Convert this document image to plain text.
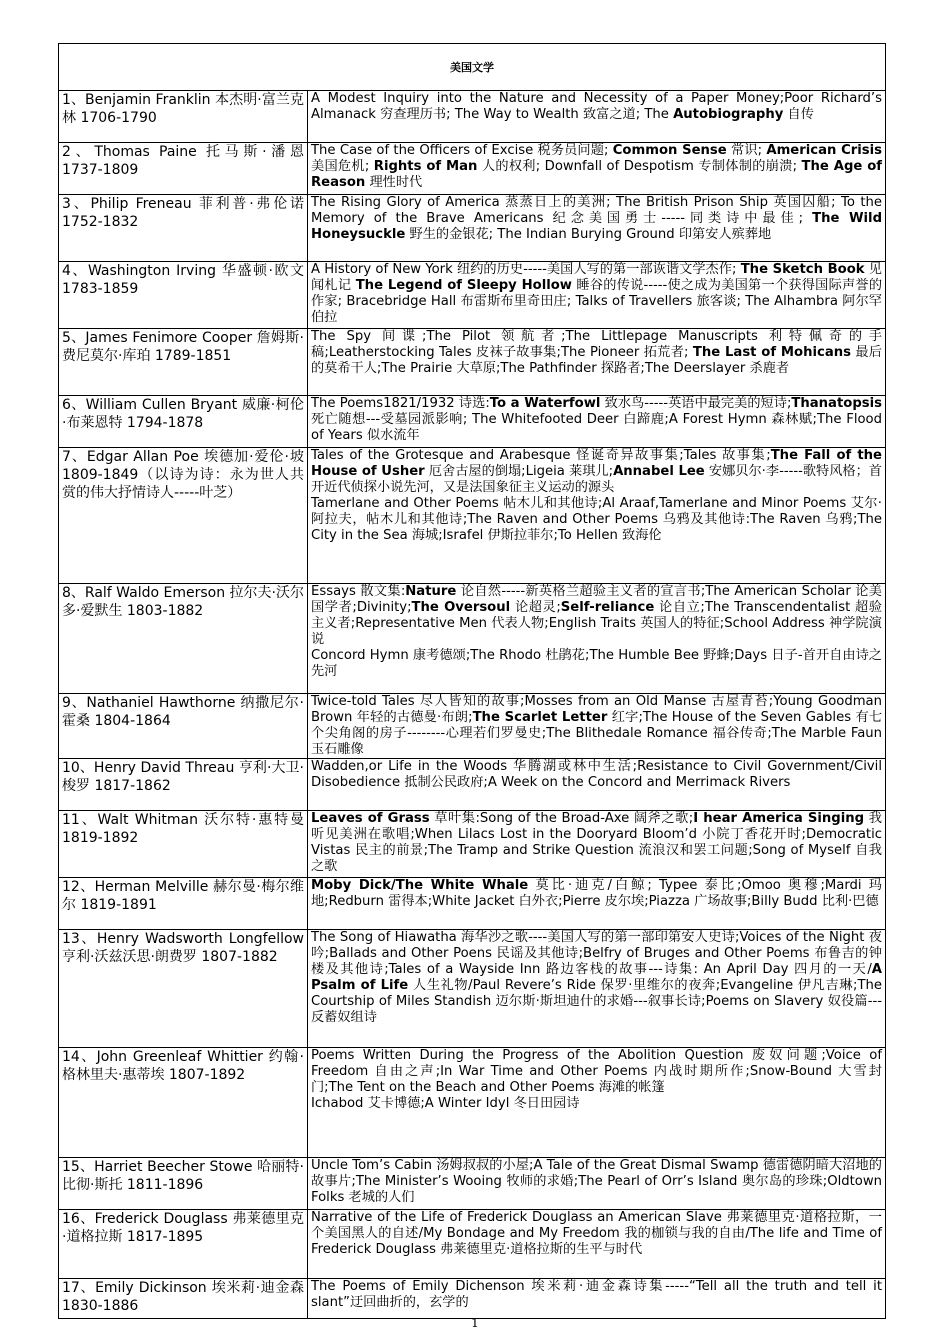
美国文学	
1、Benjamin Franklin 本杰明·富兰克林 1706-1790	A Modest Inquiry into the Nature and Necessity of a Paper Money;Poor Richard’s Almanack 穷查理历书; The Way to Wealth 致富之道; The Autobiography 自传

2、Thomas Paine 托马斯·潘恩 1737-1809	The Case of the Officers of Excise 税务员问题; Common Sense 常识; American Crisis 美国危机; Rights of Man 人的权利; Downfall of Despotism 专制体制的崩溃; The Age of Reason 理性时代

3、Philip Freneau 菲利普·弗伦诺 1752-1832	The Rising Glory of America 蒸蒸日上的美洲; The British Prison Ship 英国囚船; To the Memory of the Brave Americans 纪念美国勇士-----同类诗中最佳; The Wild Honeysuckle 野生的金银花; The Indian Burying Ground 印第安人殡葬地

4、Washington Irving 华盛顿·欧文 1783-1859	A History of New York 纽约的历史-----美国人写的第一部诙谐文学杰作; The Sketch Book 见闻札记 The Legend of Sleepy Hollow 睡谷的传说-----使之成为美国第一个获得国际声誉的作家; Bracebridge Hall 布雷斯布里奇田庄; Talks of Travellers 旅客谈; The Alhambra 阿尔罕伯拉

5、James Fenimore Cooper 詹姆斯·费尼莫尔·库珀 1789-1851	The Spy 间谍;The Pilot 领航者;The Littlepage Manuscripts 利特佩奇的手稿;Leatherstocking Tales 皮袜子故事集;The Pioneer 拓荒者; The Last of Mohicans 最后的莫希干人;The Prairie 大草原;The Pathfinder 探路者;The Deerslayer 杀鹿者

6、William Cullen Bryant 威廉·柯伦·布莱恩特 1794-1878	The Poems1821/1932 诗选:To a Waterfowl 致水鸟-----英语中最完美的短诗;Thanatopsis 死亡随想---受墓园派影响; The Whitefooted Deer 白蹄鹿;A Forest Hymn 森林赋;The Flood of Years 似水流年

7、Edgar Allan Poe 埃德加·爱伦·坡 1809-1849（以诗为诗：永为世人共赏的伟大抒情诗人-----叶芝）	Tales of the Grotesque and Arabesque 怪诞奇异故事集;Tales 故事集;The Fall of the House of Usher 厄舍古屋的倒塌;Ligeia 莱琪儿;Annabel Lee 安娜贝尔·李-----歌特风格；首开近代侦探小说先河，又是法国象征主义运动的源头
Tamerlane and Other Poems 帖木儿和其他诗;Al Araaf,Tamerlane and Minor Poems 艾尔·阿拉夫，帖木儿和其他诗;The Raven and Other Poems 乌鸦及其他诗:The Raven 乌鸦;The City in the Sea 海城;Israfel 伊斯拉菲尔;To Hellen 致海伦

8、Ralf Waldo Emerson 拉尔夫·沃尔多·爱默生 1803-1882	Essays 散文集:Nature 论自然-----新英格兰超验主义者的宣言书;The American Scholar 论美国学者;Divinity;The Oversoul 论超灵;Self-reliance 论自立;The Transcendentalist 超验主义者;Representative Men 代表人物;English Traits 英国人的特征;School Address 神学院演说
Concord Hymn 康考德颂;The Rhodo 杜鹃花;The Humble Bee 野蜂;Days 日子-首开自由诗之先河

9、Nathaniel Hawthorne 纳撒尼尔·霍桑 1804-1864	Twice-told Tales 尽人皆知的故事;Mosses from an Old Manse 古屋青苔;Young Goodman Brown 年轻的古德曼·布朗;The Scarlet Letter 红字;The House of the Seven Gables 有七个尖角阁的房子--------心理若们罗曼史;The Blithedale Romance 福谷传奇;The Marble Faun 玉石雕像

10、Henry David Threau 亨利·大卫·梭罗 1817-1862	Wadden,or Life in the Woods 华腾湖或林中生活;Resistance to Civil Government/Civil Disobedience 抵制公民政府;A Week on the Concord and Merrimack Rivers

11、Walt Whitman 沃尔特·惠特曼 1819-1892	Leaves of Grass 草叶集:Song of the Broad-Axe 阔斧之歌;I hear America Singing 我听见美洲在歌唱;When Lilacs Lost in the Dooryard Bloom’d 小院丁香花开时;Democratic Vistas 民主的前景;The Tramp and Strike Question 流浪汉和罢工问题;Song of Myself 自我之歌

12、Herman Melville 赫尔曼·梅尔维尔 1819-1891	Moby Dick/The White Whale 莫比·迪克/白鲸; Typee 泰比;Omoo 奥穆;Mardi 玛地;Redburn 雷得本;White Jacket 白外衣;Pierre 皮尔埃;Piazza 广场故事;Billy Budd 比利·巴德

13、Henry Wadsworth Longfellow 亨利·沃兹沃思·朗费罗 1807-1882	The Song of Hiawatha 海华沙之歌----美国人写的第一部印第安人史诗;Voices of the Night 夜吟;Ballads and Other Poens 民谣及其他诗;Belfry of Bruges and Other Poems 布鲁吉的钟楼及其他诗;Tales of a Wayside Inn 路边客栈的故事---诗集: An April Day 四月的一天/A Psalm of Life 人生礼物/Paul Revere’s Ride 保罗·里维尔的夜奔;Evangeline 伊凡吉琳;The Courtship of Miles Standish 迈尔斯·斯坦迪什的求婚---叙事长诗;Poems on Slavery 奴役篇---反蓄奴组诗

14、John Greenleaf Whittier 约翰·格林里夫·惠蒂埃 1807-1892	Poems Written During the Progress of the Abolition Question 废奴问题;Voice of Freedom 自由之声;In War Time and Other Poems 内战时期所作;Snow-Bound 大雪封门;The Tent on the Beach and Other Poems 海滩的帐篷
Ichabod 艾卡博德;A Winter Idyl 冬日田园诗

15、Harriet Beecher Stowe 哈丽特·比彻·斯托 1811-1896	Uncle Tom’s Cabin 汤姆叔叔的小屋;A Tale of the Great Dismal Swamp 德雷德阴暗大沼地的故事片;The Minister’s Wooing 牧师的求婚;The Pearl of Orr’s Island 奥尔岛的珍珠;Oldtown Folks 老城的人们

16、Frederick Douglass 弗莱德里克·道格拉斯 1817-1895	Narrative of the Life of Frederick Douglass an American Slave 弗莱德里克·道格拉斯，一个美国黑人的自述/My Bondage and My Freedom 我的枷锁与我的自由/The life and Time of Frederick Douglass 弗莱德里克·道格拉斯的生平与时代

17、Emily Dickinson 埃米莉·迪金森 1830-1886	The Poems of Emily Dichenson 埃米莉·迪金森诗集-----“Tell all the truth and tell it slant”迂回曲折的，玄学的
1
